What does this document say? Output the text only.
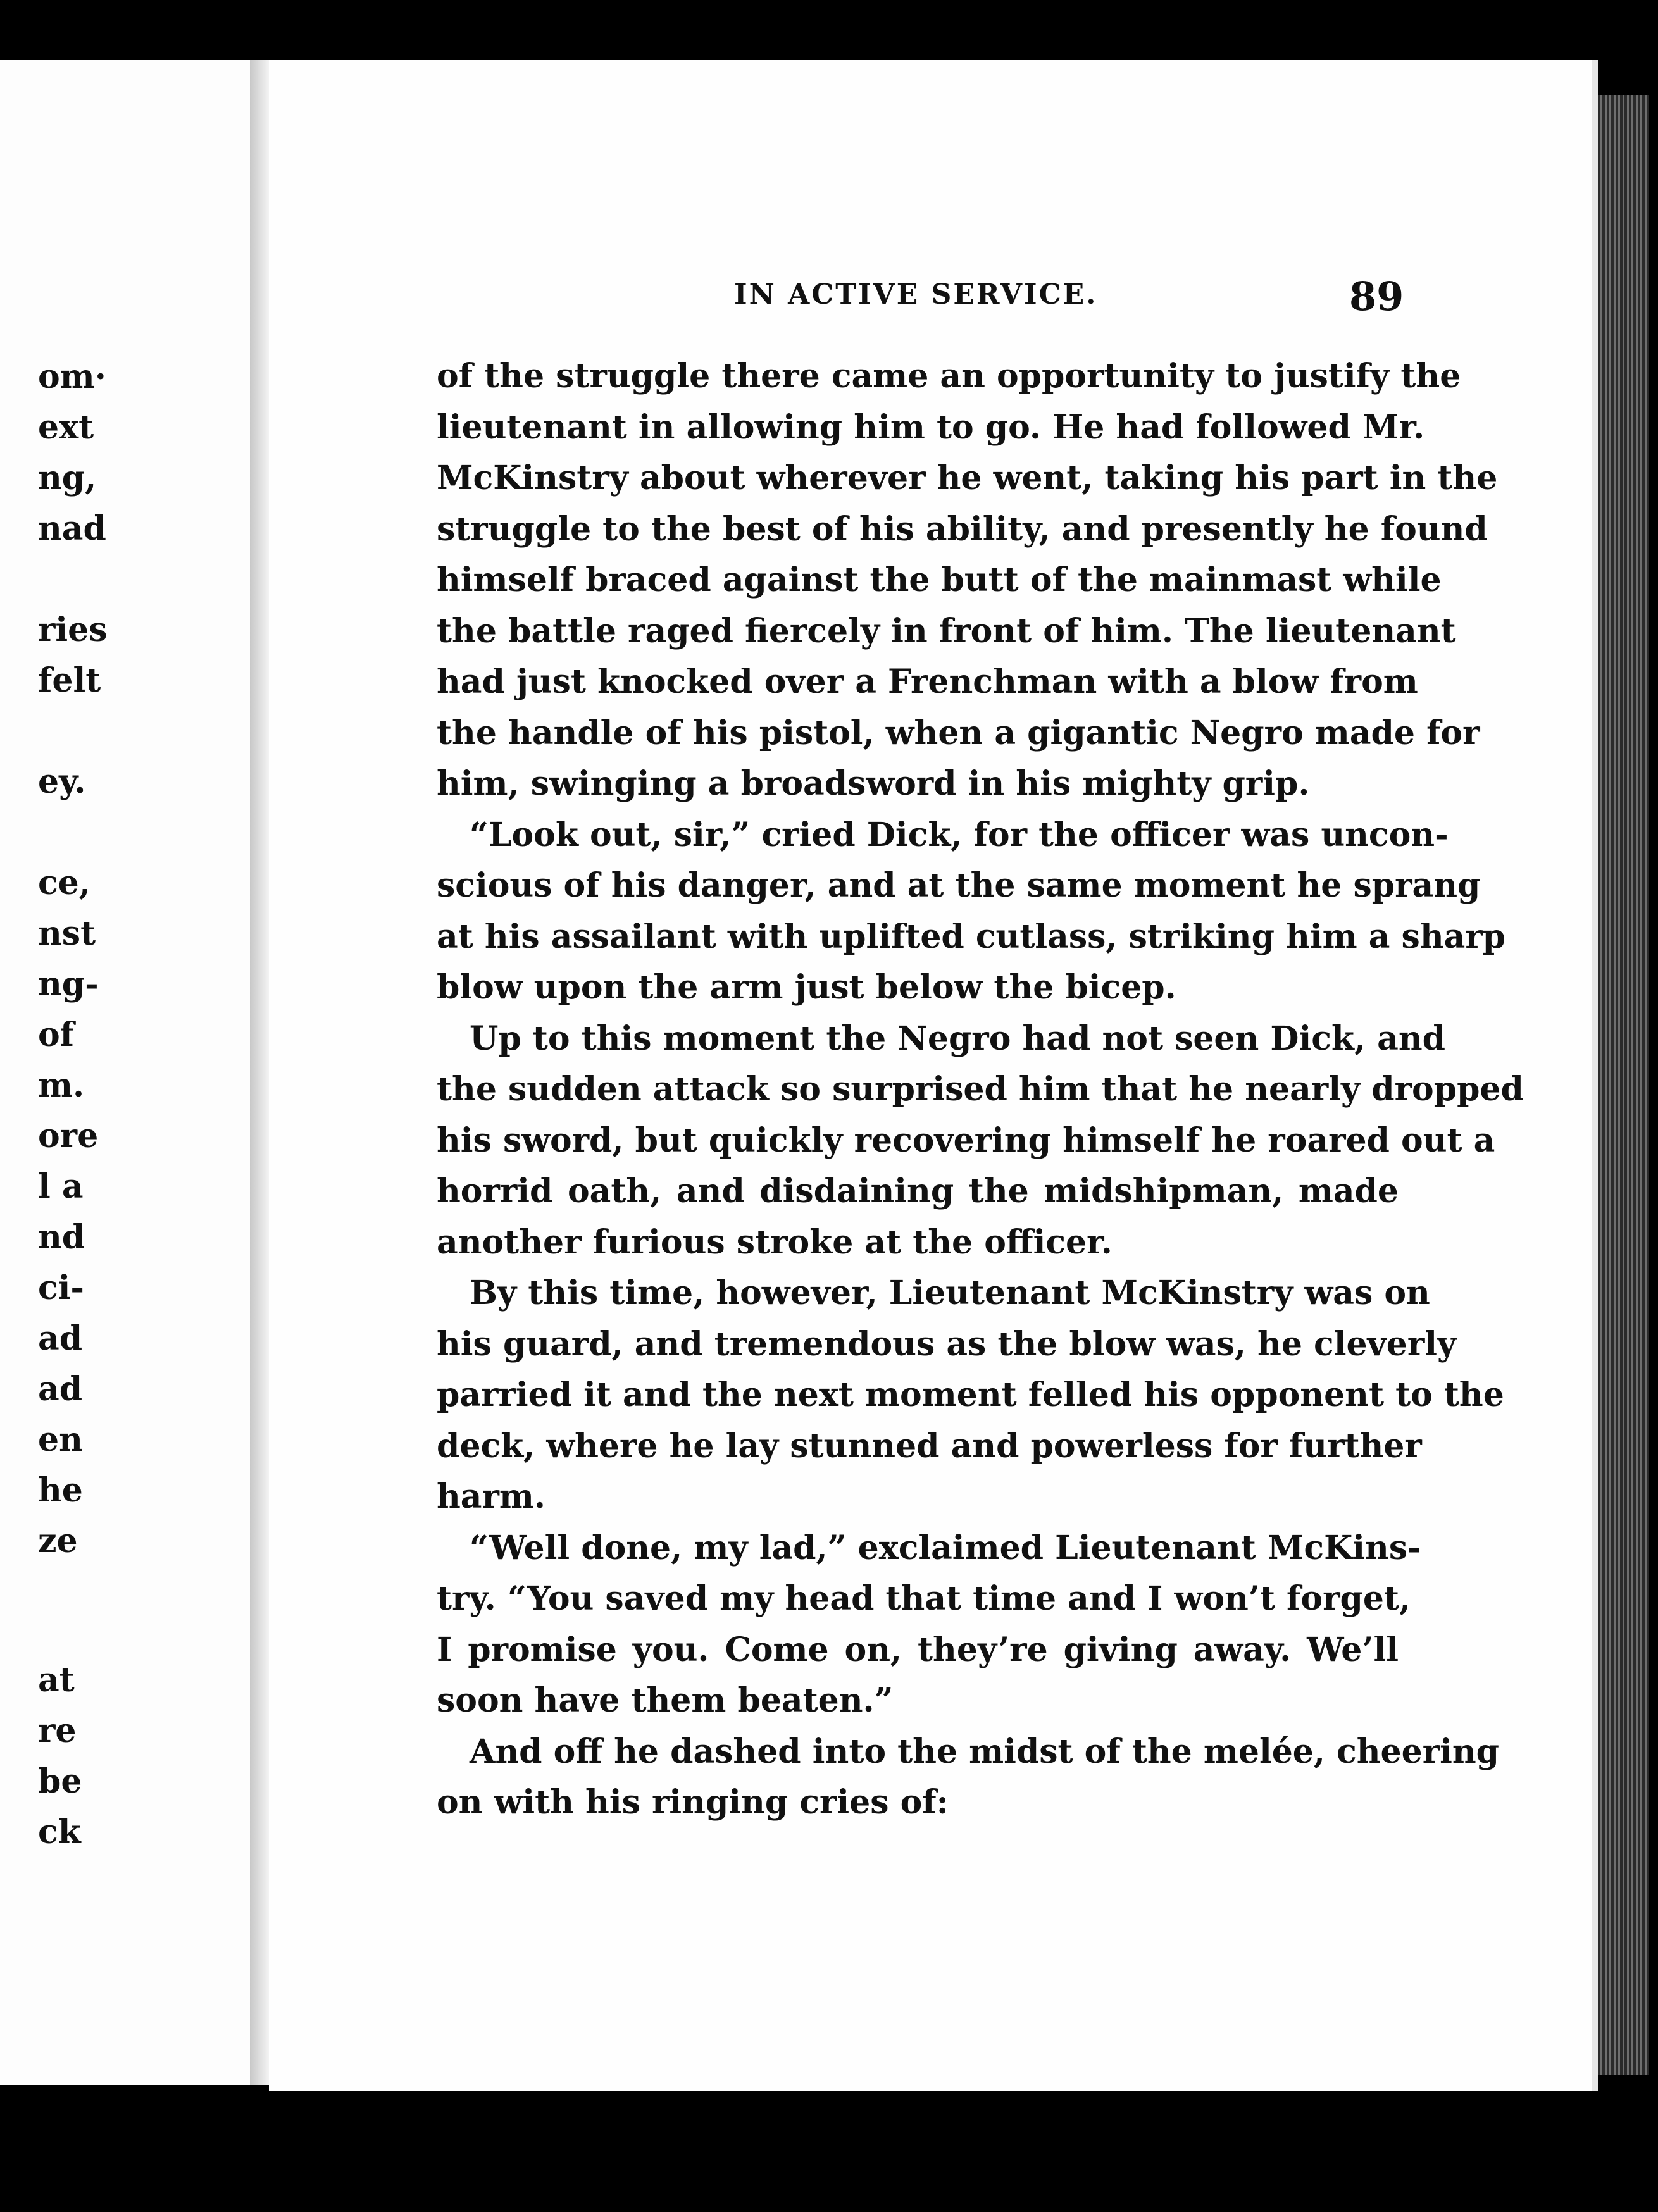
om·
ext
ng,
nad
ries
felt
ey.
ce,
nst
ng-
of
m.
ore
l a
nd
ci-
ad
ad
en
he
ze
at
re
be
ck
IN ACTIVE SERVICE.	89
of the struggle there came an opportunity to justify the
lieutenant in allowing him to go. He had followed Mr.
McKinstry about wherever he went, taking his part in the
struggle to the best of his ability, and presently he found
himself braced against the butt of the mainmast while
the battle raged fiercely in front of him. The lieutenant
had just knocked over a Frenchman with a blow from
the handle of his pistol, when a gigantic Negro made for
him, swinging a broadsword in his mighty grip.
“Look out, sir,” cried Dick, for the officer was uncon-
scious of his danger, and at the same moment he sprang
at his assailant with uplifted cutlass, striking him a sharp
blow upon the arm just below the bicep.
Up to this moment the Negro had not seen Dick, and
the sudden attack so surprised him that he nearly dropped
his sword, but quickly recovering himself he roared out a
horrid oath, and disdaining the midshipman, made
another furious stroke at the officer.
By this time, however, Lieutenant McKinstry was on
his guard, and tremendous as the blow was, he cleverly
parried it and the next moment felled his opponent to the
deck, where he lay stunned and powerless for further
harm.
“Well done, my lad,” exclaimed Lieutenant McKins-
try. “You saved my head that time and I won’t forget,
I promise you. Come on, they’re giving away. We’ll
soon have them beaten.”
And off he dashed into the midst of the melée, cheering
on with his ringing cries of:
